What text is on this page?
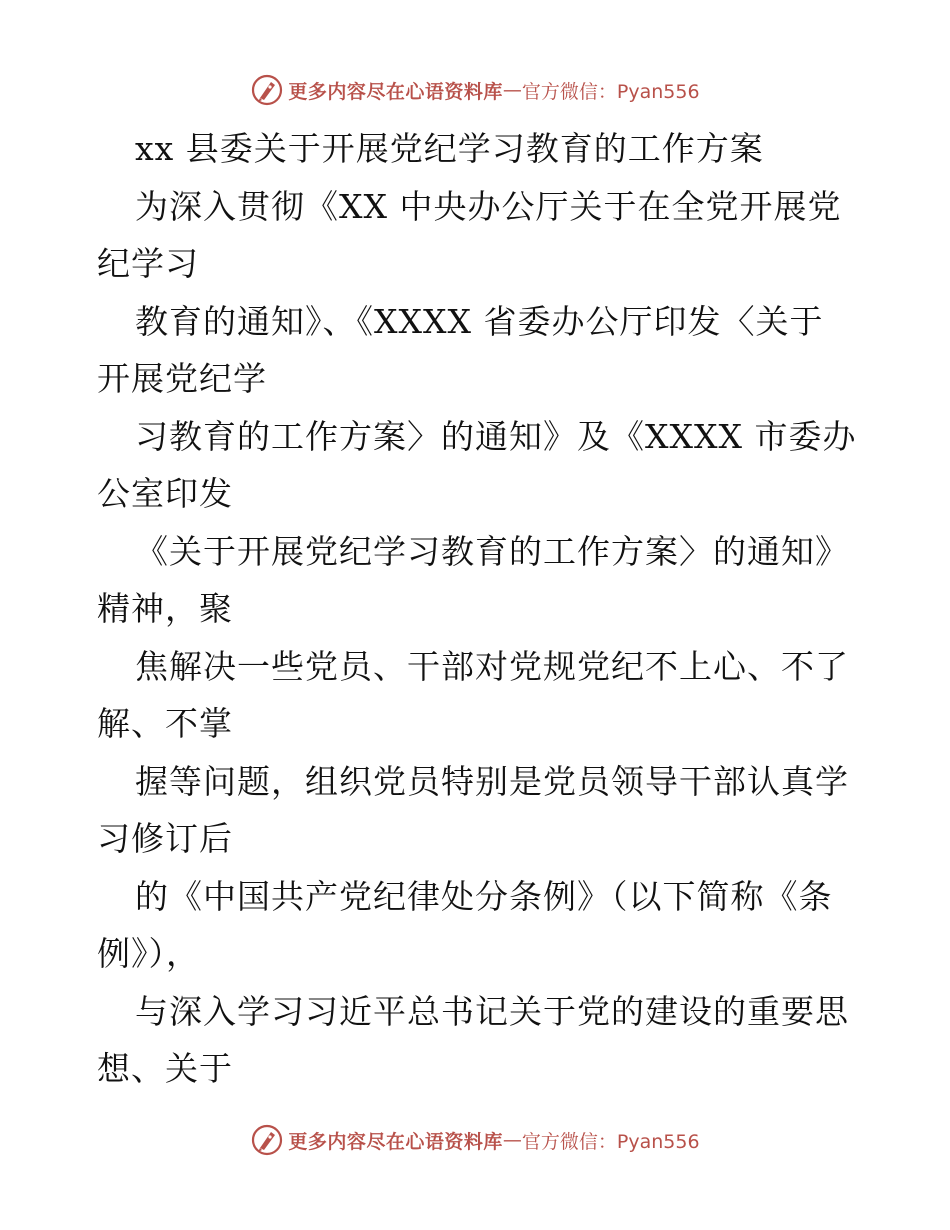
更多内容尽在心语资料库 — 官方微信：Pyan556
xx 县委关于开展党纪学习教育的工作方案
为深入贯彻《XX 中央办公厅关于在全党开展党
纪学习
教育的通知》、《XXXX 省委办公厅印发〈关于
开展党纪学
习教育的工作方案〉的通知》及《XXXX 市委办
公室印发
《关于开展党纪学习教育的工作方案〉的通知》
精神，聚
焦解决一些党员、干部对党规党纪不上心、不了
解、不掌
握等问题，组织党员特别是党员领导干部认真学
习修订后
的《中国共产党纪律处分条例》（以下简称《条
例》），
与深入学习习近平总书记关于党的建设的重要思
想、关于
更多内容尽在心语资料库 — 官方微信：Pyan556
